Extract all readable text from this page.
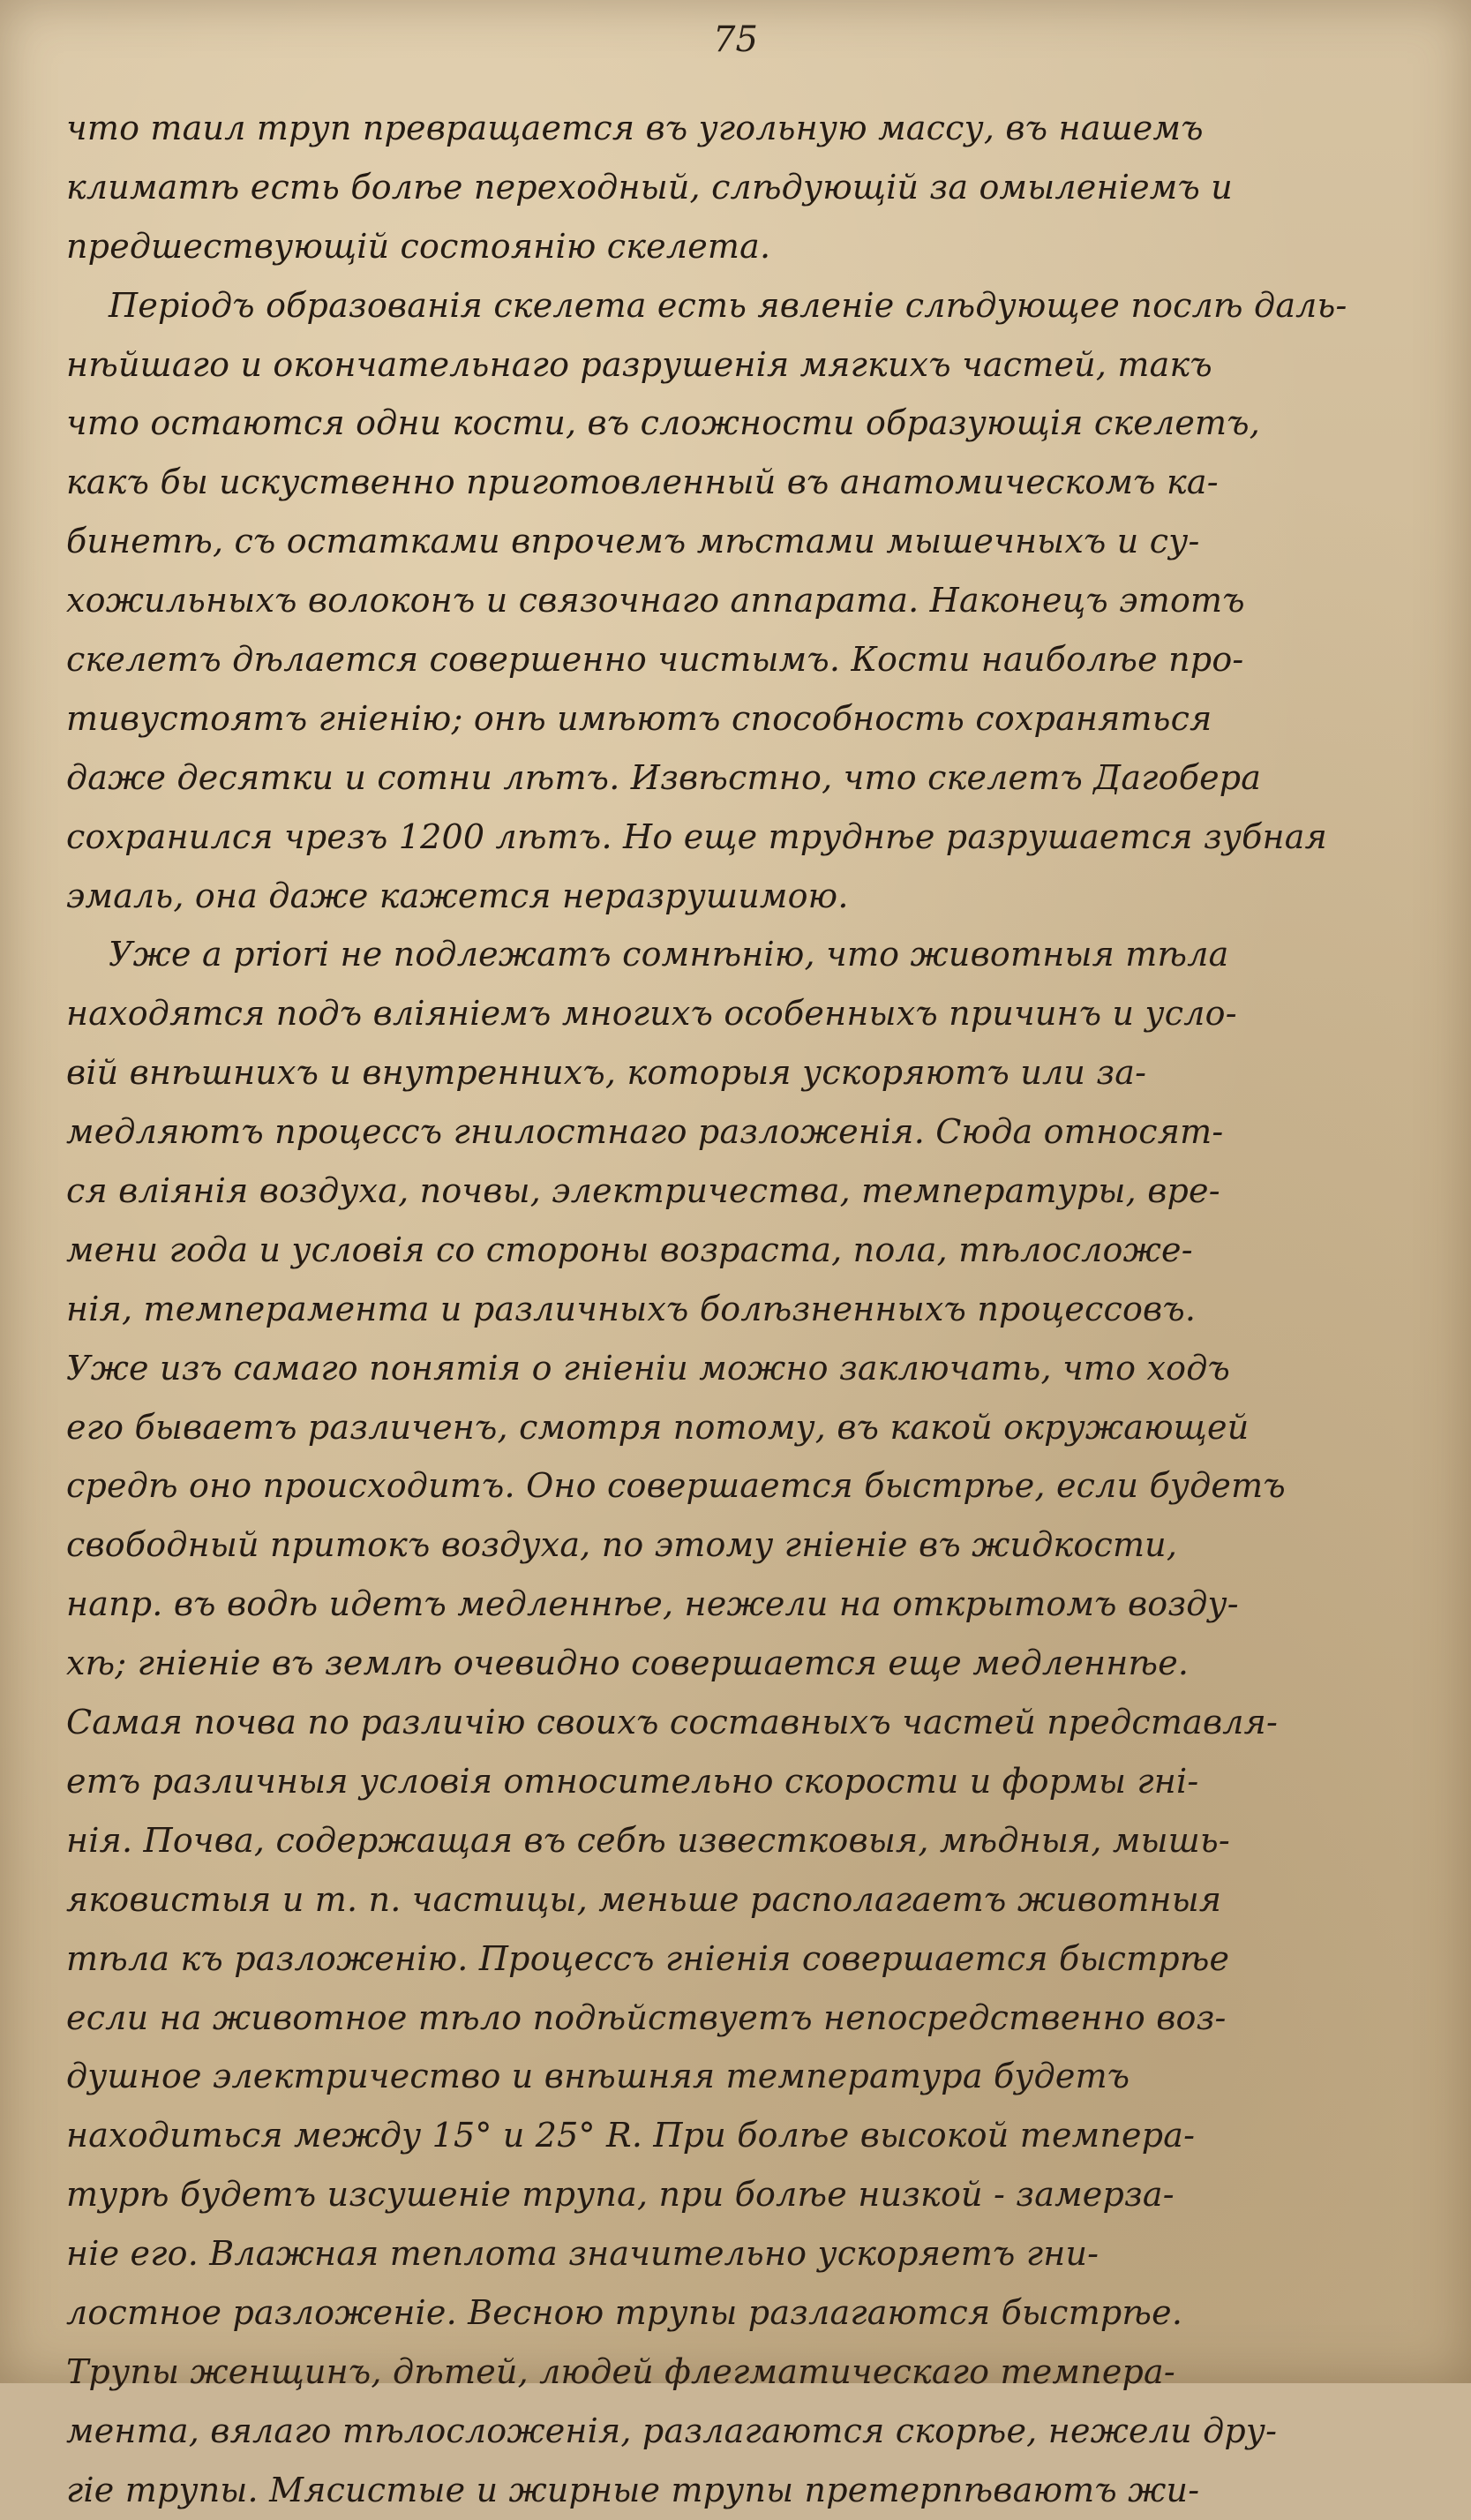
75
что таил труп превращается въ угольную массу, въ нашемъ
климатѣ есть болѣе переходный, слѣдующій за омыленіемъ и
предшествующій состоянію скелета.
Періодъ образованія скелета есть явленіе слѣдующее послѣ даль-
нѣйшаго и окончательнаго разрушенія мягкихъ частей, такъ
что остаются одни кости, въ сложности образующія скелетъ,
какъ бы искуственно приготовленный въ анатомическомъ ка-
бинетѣ, съ остатками впрочемъ мѣстами мышечныхъ и су-
хожильныхъ волоконъ и связочнаго аппарата. Наконецъ этотъ
скелетъ дѣлается совершенно чистымъ. Кости наиболѣе про-
тивустоятъ гніенію; онѣ имѣютъ способность сохраняться
даже десятки и сотни лѣтъ. Извѣстно, что скелетъ Дагобера
сохранился чрезъ 1200 лѣтъ. Но еще труднѣе разрушается зубная
эмаль, она даже кажется неразрушимою.
Уже а priori не подлежатъ сомнѣнію, что животныя тѣла
находятся подъ вліяніемъ многихъ особенныхъ причинъ и усло-
вій внѣшнихъ и внутреннихъ, которыя ускоряютъ или за-
медляютъ процессъ гнилостнаго разложенія. Сюда относят-
ся вліянія воздуха, почвы, электричества, температуры, вре-
мени года и условія со стороны возраста, пола, тѣлосложе-
нія, темперамента и различныхъ болѣзненныхъ процессовъ.
Уже изъ самаго понятія о гніеніи можно заключать, что ходъ
его бываетъ различенъ, смотря потому, въ какой окружающей
средѣ оно происходитъ. Оно совершается быстрѣе, если будетъ
свободный притокъ воздуха, по этому гніеніе въ жидкости,
напр. въ водѣ идетъ медленнѣе, нежели на открытомъ возду-
хѣ; гніеніе въ землѣ очевидно совершается еще медленнѣе.
Самая почва по различію своихъ составныхъ частей представля-
етъ различныя условія относительно скорости и формы гні-
нія. Почва, содержащая въ себѣ известковыя, мѣдныя, мышь-
яковистыя и т. п. частицы, меньше располагаетъ животныя
тѣла къ разложенію. Процессъ гніенія совершается быстрѣе
если на животное тѣло подѣйствуетъ непосредственно воз-
душное электричество и внѣшняя температура будетъ
находиться между 15° и 25° R. При болѣе высокой темпера-
турѣ будетъ изсушеніе трупа, при болѣе низкой - замерза-
ніе его. Влажная теплота значительно ускоряетъ гни-
лостное разложеніе. Весною трупы разлагаются быстрѣе.
Трупы женщинъ, дѣтей, людей флегматическаго темпера-
мента, вялаго тѣлосложенія, разлагаются скорѣе, нежели дру-
гіе трупы. Мясистые и жирные трупы претерпѣваютъ жи-
